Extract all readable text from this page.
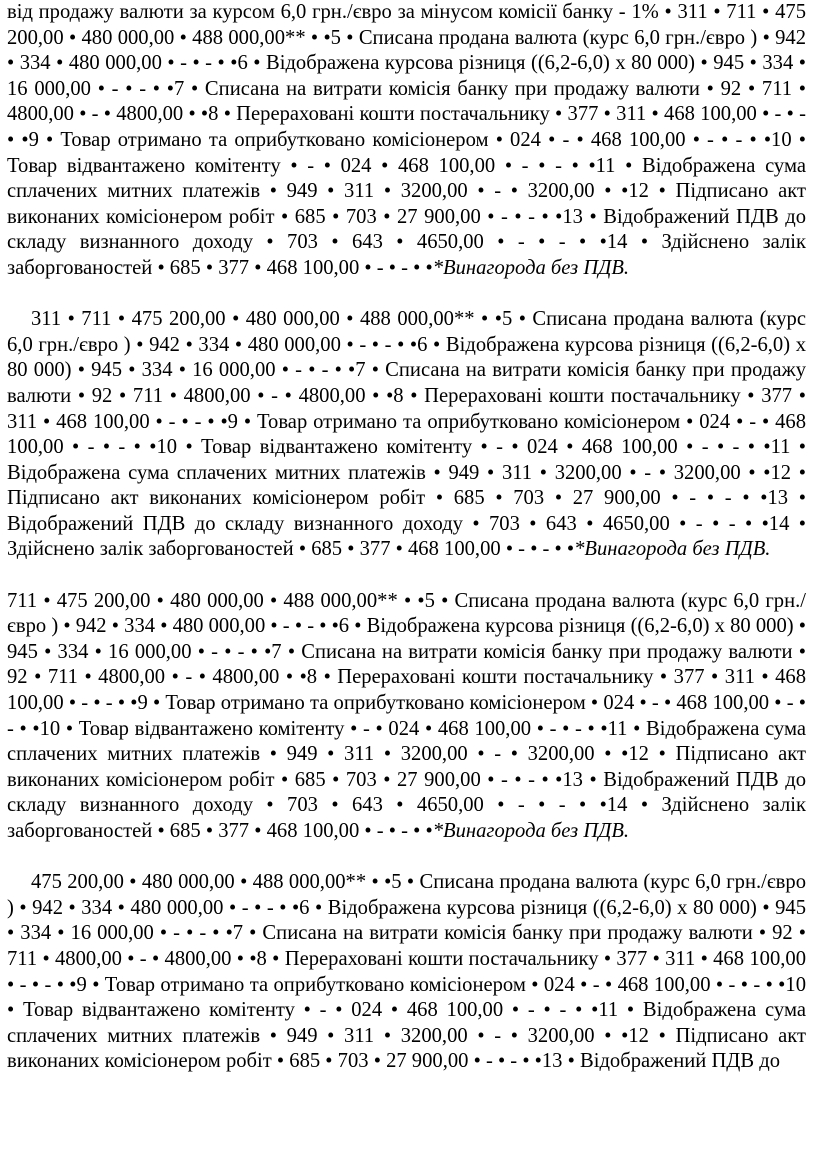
від продажу валюти за курсом 6,0 грн./євро за мінусом комісії банку - 1% • 311 • 711 • 475 200,00 • 480 000,00 • 488 000,00** • •5 • Списана продана валюта (курс 6,0 грн./євро ) • 942 • 334 • 480 000,00 • - • - • •6 • Відображена курсова різниця ((6,2-6,0) х 80 000) • 945 • 334 • 16 000,00 • - • - • •7 • Списана на витрати комісія банку при продажу валюти • 92 • 711 • 4800,00 • - • 4800,00 • •8 • Перераховані кошти постачальнику • 377 • 311 • 468 100,00 • - • - • •9 • Товар отримано та оприбутковано комісіонером • 024 • - • 468 100,00 • - • - • •10 • Товар відвантажено комітенту • - • 024 • 468 100,00 • - • - • •11 • Відображена сума сплачених митних платежів • 949 • 311 • 3200,00 • - • 3200,00 • •12 • Підписано акт виконаних комісіонером робіт • 685 • 703 • 27 900,00 • - • - • •13 • Відображений ПДВ до складу визнанного доходу • 703 • 643 • 4650,00 • - • - • •14 • Здійснено залік заборгованостей • 685 • 377 • 468 100,00 • - • - • •*Винагорода без ПДВ.

311 • 711 • 475 200,00 • 480 000,00 • 488 000,00** • •5 • Списана продана валюта (курс 6,0 грн./євро ) • 942 • 334 • 480 000,00 • - • - • •6 • Відображена курсова різниця ((6,2-6,0) х 80 000) • 945 • 334 • 16 000,00 • - • - • •7 • Списана на витрати комісія банку при продажу валюти • 92 • 711 • 4800,00 • - • 4800,00 • •8 • Перераховані кошти постачальнику • 377 • 311 • 468 100,00 • - • - • •9 • Товар отримано та оприбутковано комісіонером • 024 • - • 468 100,00 • - • - • •10 • Товар відвантажено комітенту • - • 024 • 468 100,00 • - • - • •11 • Відображена сума сплачених митних платежів • 949 • 311 • 3200,00 • - • 3200,00 • •12 • Підписано акт виконаних комісіонером робіт • 685 • 703 • 27 900,00 • - • - • •13 • Відображений ПДВ до складу визнанного доходу • 703 • 643 • 4650,00 • - • - • •14 • Здійснено залік заборгованостей • 685 • 377 • 468 100,00 • - • - • •*Винагорода без ПДВ.

711 • 475 200,00 • 480 000,00 • 488 000,00** • •5 • Списана продана валюта (курс 6,0 грн./євро ) • 942 • 334 • 480 000,00 • - • - • •6 • Відображена курсова різниця ((6,2-6,0) х 80 000) • 945 • 334 • 16 000,00 • - • - • •7 • Списана на витрати комісія банку при продажу валюти • 92 • 711 • 4800,00 • - • 4800,00 • •8 • Перераховані кошти постачальнику • 377 • 311 • 468 100,00 • - • - • •9 • Товар отримано та оприбутковано комісіонером • 024 • - • 468 100,00 • - • - • •10 • Товар відвантажено комітенту • - • 024 • 468 100,00 • - • - • •11 • Відображена сума сплачених митних платежів • 949 • 311 • 3200,00 • - • 3200,00 • •12 • Підписано акт виконаних комісіонером робіт • 685 • 703 • 27 900,00 • - • - • •13 • Відображений ПДВ до складу визнанного доходу • 703 • 643 • 4650,00 • - • - • •14 • Здійснено залік заборгованостей • 685 • 377 • 468 100,00 • - • - • •*Винагорода без ПДВ.

475 200,00 • 480 000,00 • 488 000,00** • •5 • Списана продана валюта (курс 6,0 грн./євро ) • 942 • 334 • 480 000,00 • - • - • •6 • Відображена курсова різниця ((6,2-6,0) х 80 000) • 945 • 334 • 16 000,00 • - • - • •7 • Списана на витрати комісія банку при продажу валюти • 92 • 711 • 4800,00 • - • 4800,00 • •8 • Перераховані кошти постачальнику • 377 • 311 • 468 100,00 • - • - • •9 • Товар отримано та оприбутковано комісіонером • 024 • - • 468 100,00 • - • - • •10 • Товар відвантажено комітенту • - • 024 • 468 100,00 • - • - • •11 • Відображена сума сплачених митних платежів • 949 • 311 • 3200,00 • - • 3200,00 • •12 • Підписано акт виконаних комісіонером робіт • 685 • 703 • 27 900,00 • - • - • •13 • Відображений ПДВ до
